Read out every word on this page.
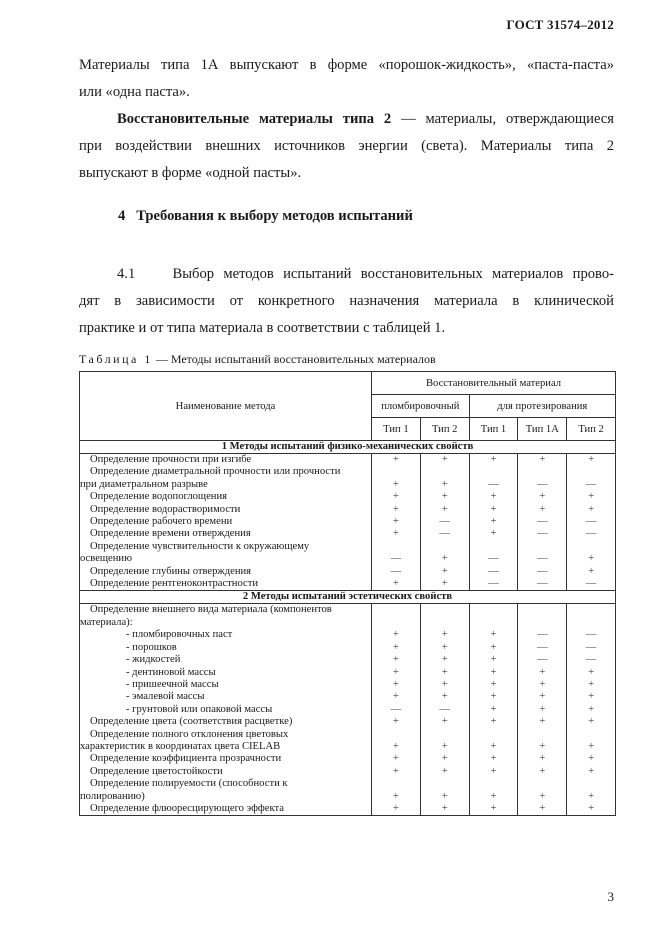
ГОСТ 31574–2012
Материалы типа 1А выпускают в форме «порошок-жидкость», «паста-паста»
или «одна паста».
Восстановительные материалы типа 2 — материалы, отверждающиеся
при воздействии внешних источников энергии (света). Материалы типа 2
выпускают в форме «одной пасты».
4   Требования к выбору методов испытаний
4.1    Выбор методов испытаний восстановительных материалов прово-
дят в зависимости от конкретного назначения материала в клинической
практике и от типа материала в соответствии с таблицей 1.
Таблица 1 — Методы испытаний восстановительных материалов
Наименование метода	Восстановительный материал				
	пломбировочный		для протезирования		
	Тип 1	Тип 2	Тип 1	Тип 1А	Тип 2
1 Методы испытаний физико-механических свойств					
Определение прочности при изгибе	+	+	+	+	+
Определение диаметральной прочности или прочности

при диаметральном разрыве	+	+	—	—	—
Определение водопоглощения	+	+	+	+	+
Определение водорастворимости	+	+	+	+	+
Определение рабочего времени	+	—	+	—	—
Определение времени отверждения	+	—	+	—	—
Определение чувствительности к окружающему

освещению	—	+	—	—	+
Определение глубины отверждения	—	+	—	—	+
Определение рентгеноконтрастности	+	+	—	—	—
2 Методы испытаний эстетических свойств					
Определение внешнего вида материала (компонентов

материала):					

- пломбировочных паст	+	+	+	—	—
- порошков	+	+	+	—	—
- жидкостей	+	+	+	—	—
- дентиновой массы	+	+	+	+	+
- пришеечной массы	+	+	+	+	+
- эмалевой массы	+	+	+	+	+
- грунтовой или опаковой массы	—	—	+	+	+
Определение цвета (соответствия расцветке)	+	+	+	+	+
Определение полного отклонения цветовых

характеристик в координатах цвета CIELAB	+	+	+	+	+
Определение коэффициента прозрачности	+	+	+	+	+
Определение цветостойкости	+	+	+	+	+
Определение полируемости (способности к

полированию)	+	+	+	+	+
Определение флюоресцирующего эффекта	+	+	+	+	+
3
